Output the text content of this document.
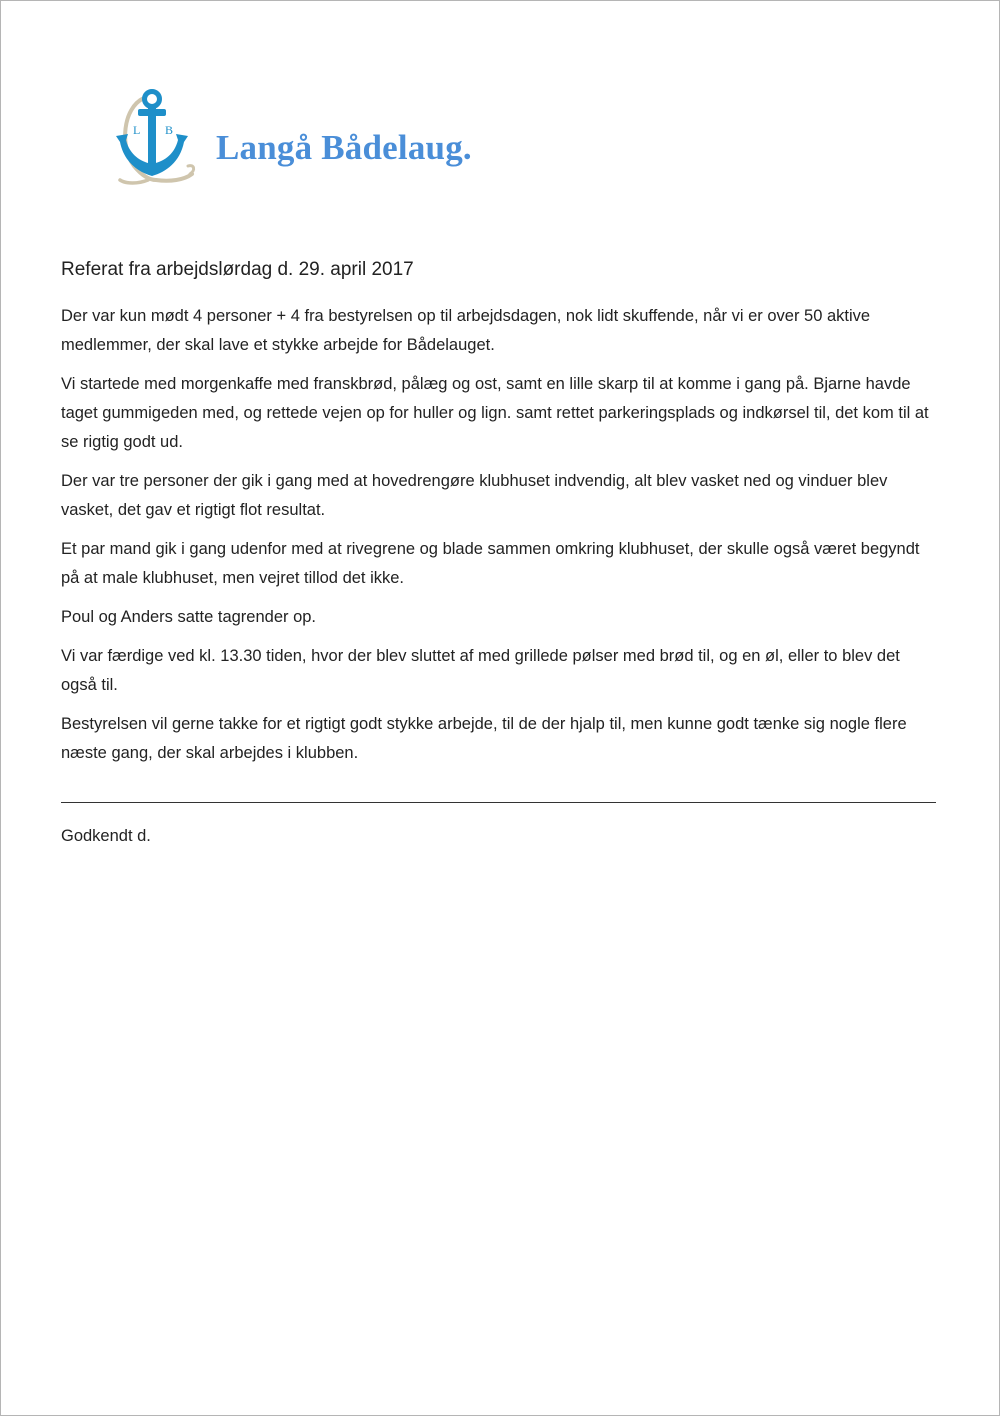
L B Langå Bådelaug.
Referat fra arbejdslørdag d. 29. april 2017

Der var kun mødt 4 personer + 4 fra bestyrelsen op til arbejdsdagen, nok lidt skuffende, når vi er over 50 aktive medlemmer, der skal lave et stykke arbejde for Bådelauget.

Vi startede med morgenkaffe med franskbrød, pålæg og ost, samt en lille skarp til at komme i gang på. Bjarne havde taget gummigeden med, og rettede vejen op for huller og lign. samt rettet parkeringsplads og indkørsel til, det kom til at se rigtig godt ud.

Der var tre personer der gik i gang med at hovedrengøre klubhuset indvendig, alt blev vasket ned og vinduer blev vasket, det gav et rigtigt flot resultat.

Et par mand gik i gang udenfor med at rivegrene og blade sammen omkring klubhuset, der skulle også været begyndt på at male klubhuset, men vejret tillod det ikke.

Poul og Anders satte tagrender op.

Vi var færdige ved kl. 13.30 tiden, hvor der blev sluttet af med grillede pølser med brød til, og en øl, eller to blev det også til.

Bestyrelsen vil gerne takke for et rigtigt godt stykke arbejde, til de der hjalp til, men kunne godt tænke sig nogle flere næste gang, der skal arbejdes i klubben.

Godkendt d.
